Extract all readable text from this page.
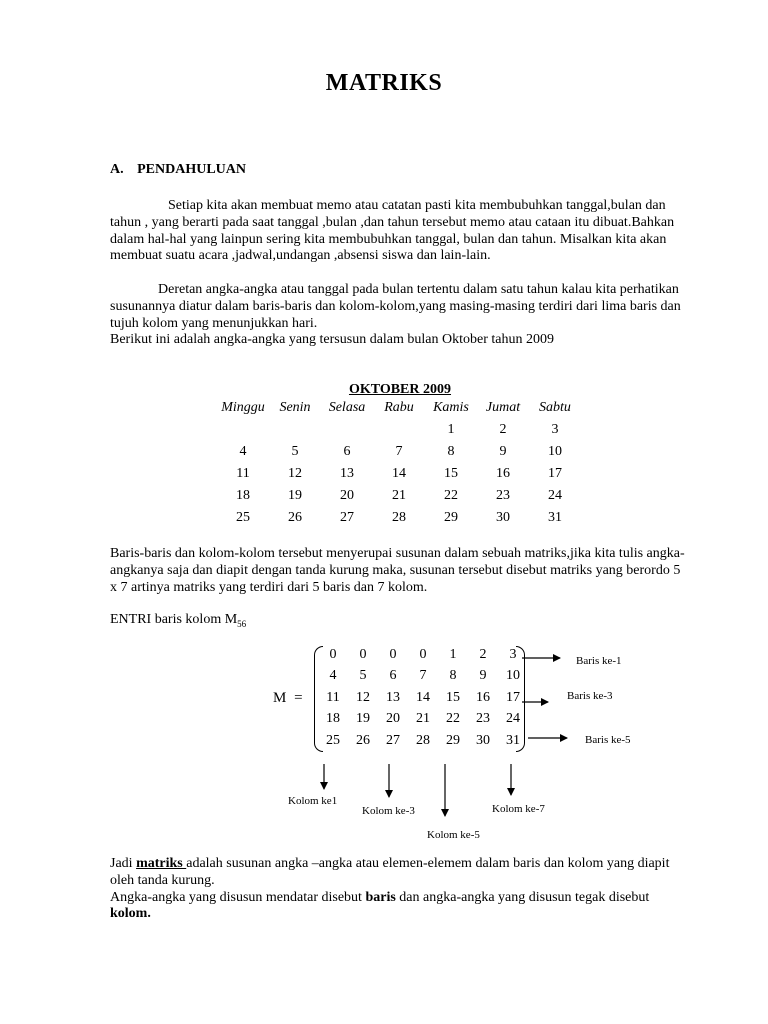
MATRIKS
A. PENDAHULUAN

Setiap kita akan membuat memo atau catatan pasti kita membubuhkan tanggal,bulan dan tahun , yang berarti pada saat tanggal ,bulan ,dan tahun tersebut memo atau cataan itu dibuat.Bahkan dalam hal-hal yang lainpun sering kita membubuhkan tanggal, bulan dan tahun. Misalkan kita akan membuat suatu acara ,jadwal,undangan ,absensi siswa dan lain-lain.

Deretan angka-angka atau tanggal pada bulan tertentu dalam satu tahun kalau kita perhatikan susunannya diatur dalam baris-baris dan kolom-kolom,yang masing-masing terdiri dari lima baris dan tujuh kolom yang menunjukkan hari.
Berikut ini adalah angka-angka yang tersusun dalam bulan Oktober tahun 2009

OKTOBER 2009
Minggu	Senin	Selasa	Rabu	Kamis	Jumat	Sabtu
				1	2	3
4	5	6	7	8	9	10
11	12	13	14	15	16	17
18	19	20	21	22	23	24
25	26	27	28	29	30	31

Baris-baris dan kolom-kolom tersebut menyerupai susunan dalam sebuah matriks,jika kita tulis angka-angkanya saja dan diapit dengan tanda kurung maka, susunan tersebut disebut matriks yang berordo 5 x 7 artinya matriks yang terdiri dari 5 baris dan 7 kolom.

ENTRI baris kolom $M_{56}$
M =
0	0	0	0	1	2	3
4	5	6	7	8	9	10
11	12	13	14	15	16	17
18	19	20	21	22	23	24
25	26	27	28	29	30	31
Baris ke-1
Baris ke-3
Baris ke-5
Kolom ke1
Kolom ke-3	Kolom ke-7
Kolom ke-5

Jadi matriks adalah susunan angka –angka atau elemen-elemem dalam baris dan kolom yang diapit oleh tanda kurung.
Angka-angka yang disusun mendatar disebut baris dan angka-angka yang disusun tegak disebut kolom.
